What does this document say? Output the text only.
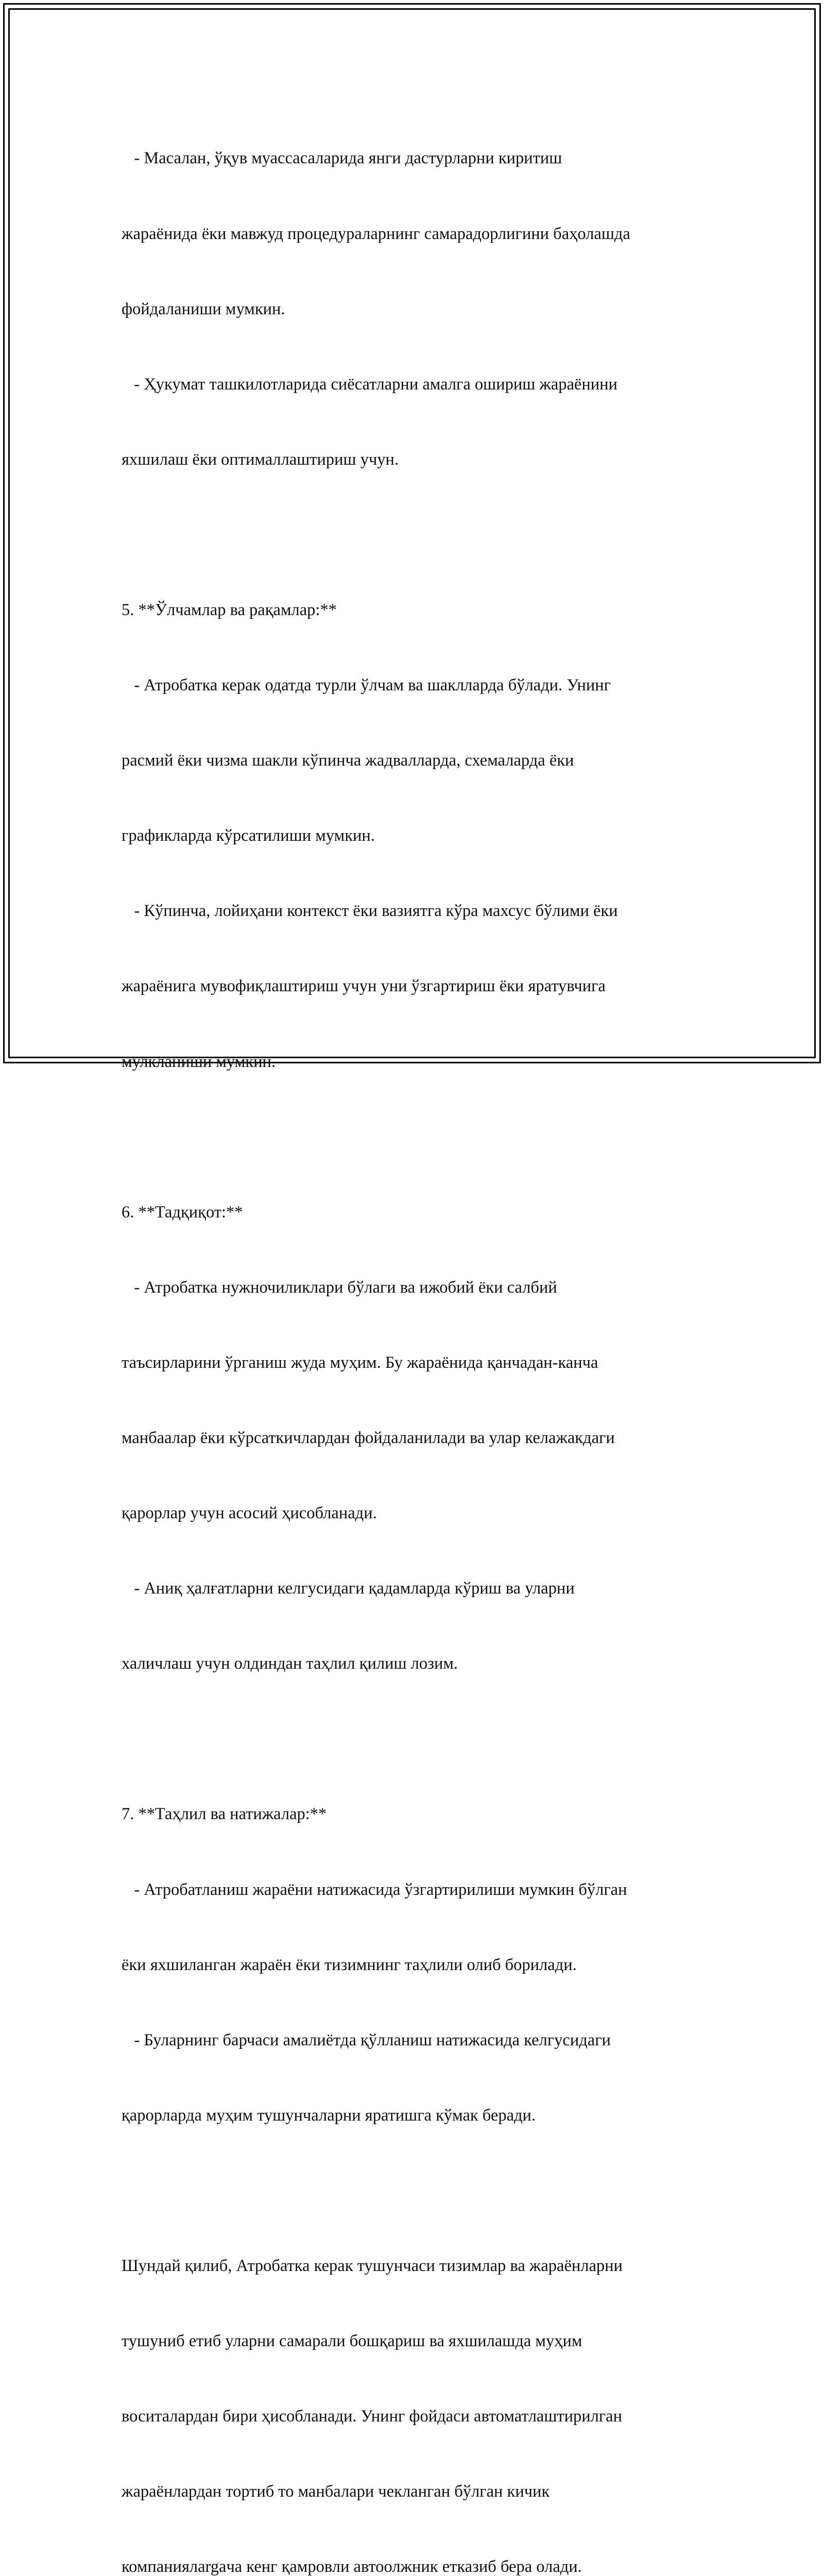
- Масалан, ўқув муассасаларида янги дастурларни киритиш

жараёнида ёки мавжуд процедураларнинг самарадорлигини баҳолашда

фойдаланиши мумкин.

- Ҳукумат ташкилотларида сиёсатларни амалга ошириш жараёнини

яхшилаш ёки оптималлаштириш учун.

5. **Ўлчамлар ва рақамлар:**

- Атробатка керак одатда турли ўлчам ва шаклларда бўлади. Унинг

расмий ёки чизма шакли кўпинча жадвалларда, схемаларда ёки

графикларда кўрсатилиши мумкин.

- Кўпинча, лойиҳани контекст ёки вазиятга кўра махсус бўлими ёки

жараёнига мувофиқлаштириш учун уни ўзгартириш ёки яратувчига

мулкланиши мумкин.

6. **Тадқиқот:**

- Атробатка нужночиликлари бўлаги ва ижобий ёки салбий

таъсирларини ўрганиш жуда муҳим. Бу жараёнида қанчадан-канча

манбаалар ёки кўрсаткичлардан фойдаланилади ва улар келажакдаги

қарорлар учун асосий ҳисобланади.

- Аниқ ҳалғатларни келгусидаги қадамларда кўриш ва уларни

халичлаш учун олдиндан таҳлил қилиш лозим.

7. **Таҳлил ва натижалар:**

- Атробатланиш жараёни натижасида ўзгартирилиши мумкин бўлган

ёки яхшиланган жараён ёки тизимнинг таҳлили олиб борилади.

- Буларнинг барчаси амалиётда қўлланиш натижасида келгусидаги

қарорларда муҳим тушунчаларни яратишга кўмак беради.

Шундай қилиб, Атробатка керак тушунчаси тизимлар ва жараёнларни

тушуниб етиб уларни самарали бошқариш ва яхшилашда муҳим

воситалардан бири ҳисобланади. Унинг фойдаси автоматлаштирилган

жараёнлардан тортиб то манбалари чекланган бўлган кичик

компаниялargaча кенг қамровли автоолжник етказиб бера олади.
